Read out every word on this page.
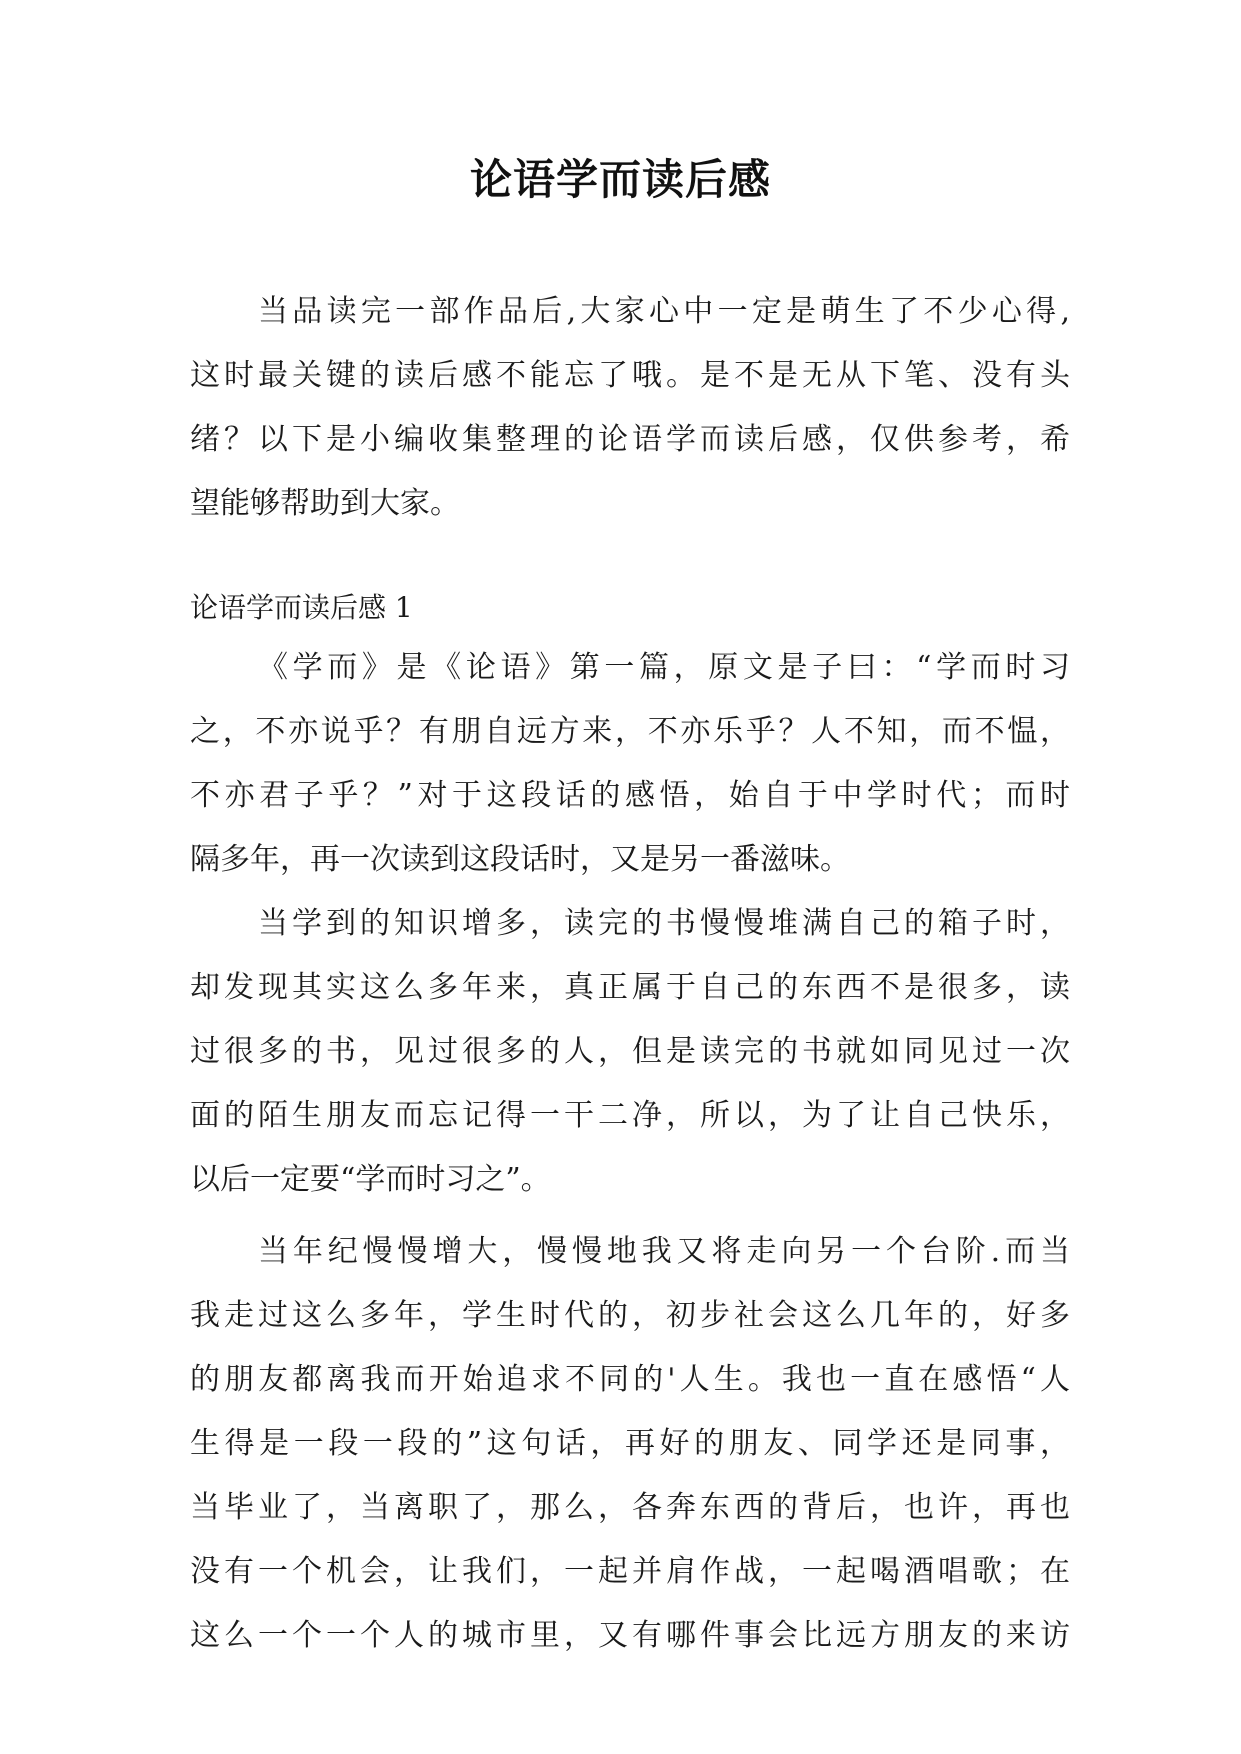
论语学而读后感
当品读完一部作品后,大家心中一定是萌生了不少心得,
这时最关键的读后感不能忘了哦。是不是无从下笔、没有头
绪？以下是小编收集整理的论语学而读后感，仅供参考，希
望能够帮助到大家。
论语学而读后感 1
《学而》是《论语》第一篇，原文是子曰：“学而时习
之，不亦说乎？有朋自远方来，不亦乐乎？人不知，而不愠，
不亦君子乎？”对于这段话的感悟，始自于中学时代；而时
隔多年，再一次读到这段话时，又是另一番滋味。
当学到的知识增多，读完的书慢慢堆满自己的箱子时，
却发现其实这么多年来，真正属于自己的东西不是很多，读
过很多的书，见过很多的人，但是读完的书就如同见过一次
面的陌生朋友而忘记得一干二净，所以，为了让自己快乐，
以后一定要“学而时习之”。
当年纪慢慢增大，慢慢地我又将走向另一个台阶.而当
我走过这么多年，学生时代的，初步社会这么几年的，好多
的朋友都离我而开始追求不同的'人生。我也一直在感悟“人
生得是一段一段的”这句话，再好的朋友、同学还是同事，
当毕业了，当离职了，那么，各奔东西的背后，也许，再也
没有一个机会，让我们，一起并肩作战，一起喝酒唱歌；在
这么一个一个人的城市里，又有哪件事会比远方朋友的来访
